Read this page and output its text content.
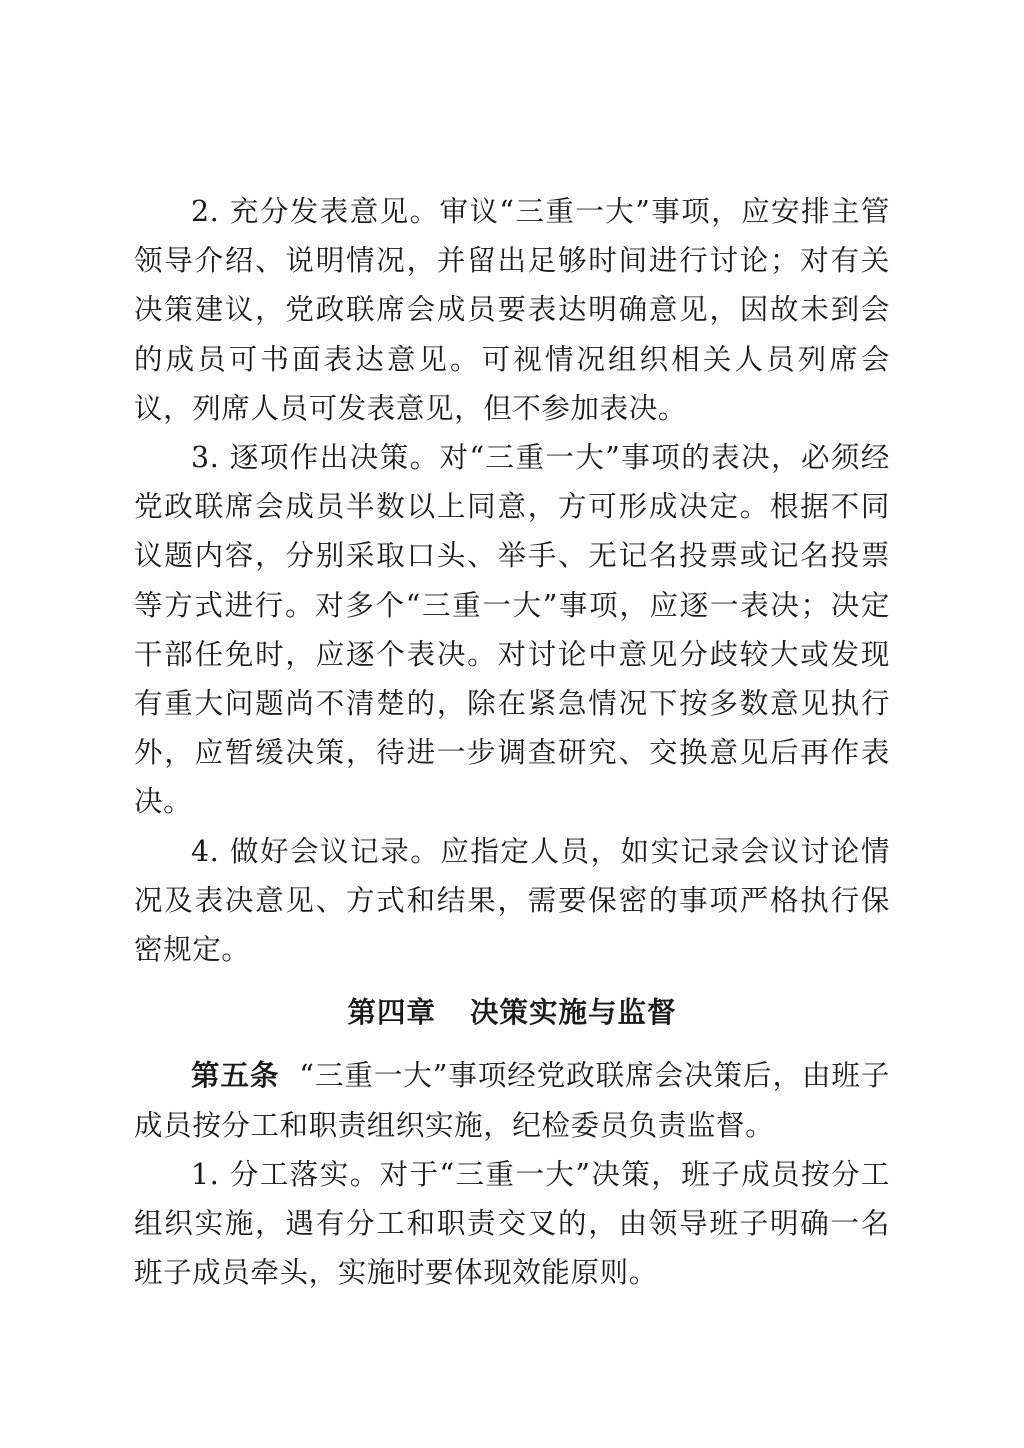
2. 充分发表意见。审议“三重一大”事项，应安排主管领导介绍、说明情况，并留出足够时间进行讨论；对有关决策建议，党政联席会成员要表达明确意见，因故未到会的成员可书面表达意见。可视情况组织相关人员列席会议，列席人员可发表意见，但不参加表决。

3. 逐项作出决策。对“三重一大”事项的表决，必须经党政联席会成员半数以上同意，方可形成决定。根据不同议题内容，分别采取口头、举手、无记名投票或记名投票等方式进行。对多个“三重一大”事项，应逐一表决；决定干部任免时，应逐个表决。对讨论中意见分歧较大或发现有重大问题尚不清楚的，除在紧急情况下按多数意见执行外，应暂缓决策，待进一步调查研究、交换意见后再作表决。

4. 做好会议记录。应指定人员，如实记录会议讨论情况及表决意见、方式和结果，需要保密的事项严格执行保密规定。

第四章 决策实施与监督

第五条 “三重一大”事项经党政联席会决策后，由班子成员按分工和职责组织实施，纪检委员负责监督。

1. 分工落实。对于“三重一大”决策，班子成员按分工组织实施，遇有分工和职责交叉的，由领导班子明确一名班子成员牵头，实施时要体现效能原则。
